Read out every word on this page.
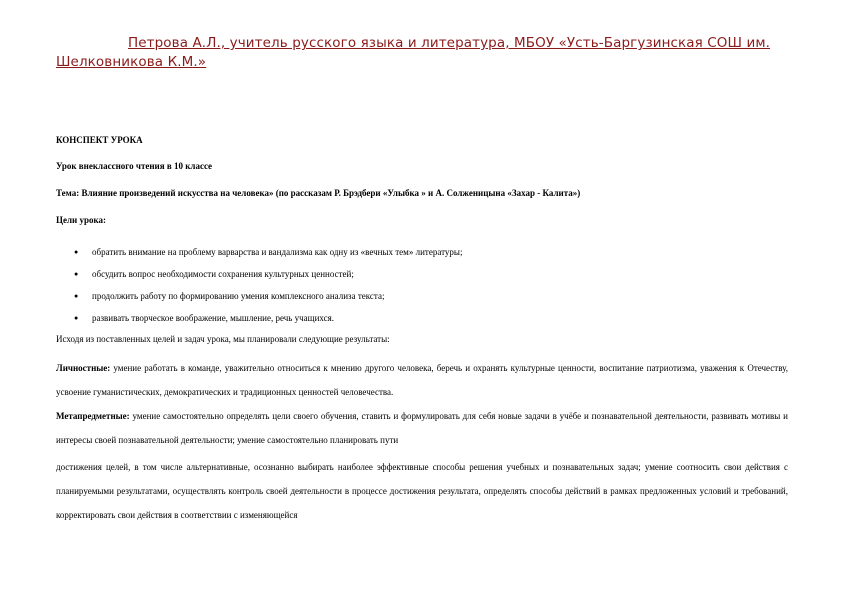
Петрова А.Л., учитель русского языка и литература, МБОУ «Усть-Баргузинская СОШ им. Шелковникова К.М.»
КОНСПЕКТ УРОКА
Урок внеклассного чтения в 10 классе
Тема: Влияние произведений искусства на человека» (по рассказам Р. Брэдбери «Улыбка » и А. Солженицына «Захар - Калита»)
Цели урока:
● обратить внимание на проблему варварства и вандализма как одну из «вечных тем» литературы;
● обсудить вопрос необходимости сохранения культурных ценностей;
● продолжить работу по формированию умения комплексного анализа текста;
● развивать творческое воображение, мышление, речь учащихся.
Исходя из поставленных целей и задач урока, мы планировали следующие результаты:
Личностные: умение работать в команде, уважительно относиться к мнению другого человека, беречь и охранять культурные ценности, воспитание патриотизма, уважения к Отечеству, усвоение гуманистических, демократических и традиционных ценностей человечества.
Метапредметные: умение самостоятельно определять цели своего обучения, ставить и формулировать для себя новые задачи в учёбе и познавательной деятельности, развивать мотивы и интересы своей познавательной деятельности; умение самостоятельно планировать пути
достижения целей, в том числе альтернативные, осознанно выбирать наиболее эффективные способы решения учебных и познавательных задач; умение соотносить свои действия с планируемыми результатами, осуществлять контроль своей деятельности в процессе достижения результата, определять способы действий в рамках предложенных условий и требований, корректировать свои действия в соответствии с изменяющейся
